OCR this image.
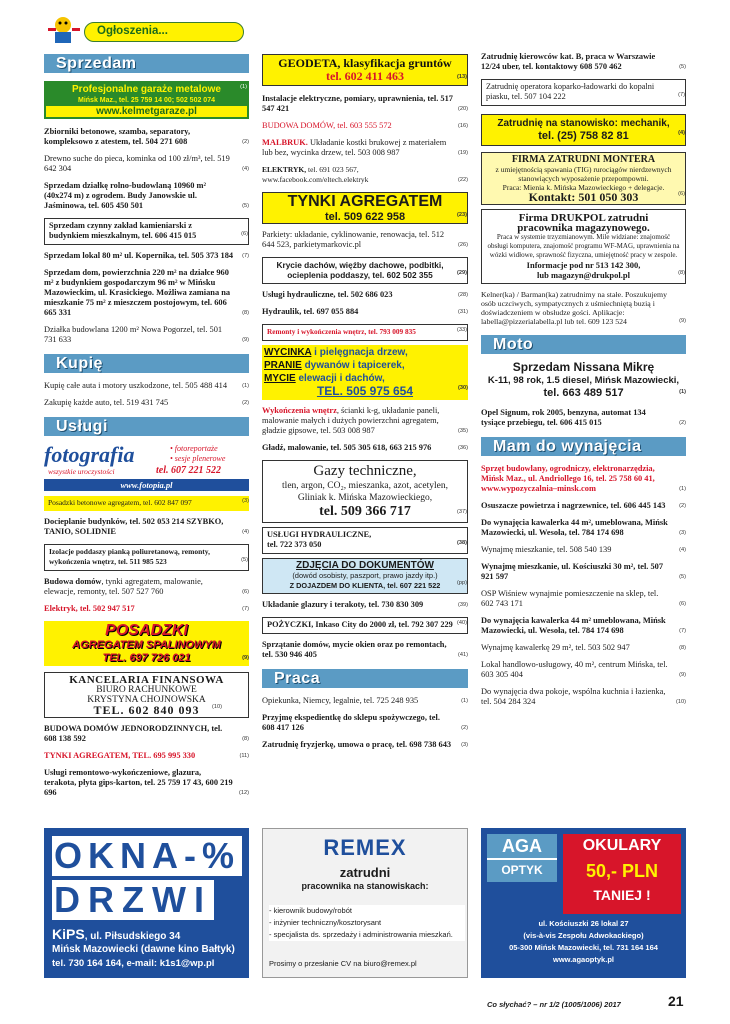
Ogłoszenia...
Sprzedam
Profesjonalne garaże metalowe
Mińsk Maz., tel. 25 759 14 00; 502 502 074
www.kelmetgaraze.pl
(1)
Zbiorniki betonowe, szamba, separatory, kompleksowo z atestem, tel. 504 271 608	(2)
Drewno suche do pieca, kominka od 100 zł/m³, tel. 519 642 304	(4)
Sprzedam działkę rolno-budowlaną 10960 m² (40x274 m) z ogrodem. Budy Janowskie ul. Jaśminowa, tel. 605 450 501	(5)
Sprzedam czynny zakład kamieniarski z budynkiem mieszkalnym, tel. 606 415 015	(6)
Sprzedam lokal 80 m² ul. Kopernika, tel. 505 373 184 (7)
Sprzedam dom, powierzchnia 220 m² na działce 960 m² z budynkiem gospodarczym 96 m² w Mińsku Mazowieckim, ul. Krasickiego. Możliwa zamiana na mieszkanie 75 m² z mieszczem postojowym, tel. 606 665 331	(8)
Działka budowlana 1200 m² Nowa Pogorzel, tel. 501 731 633	(9)
Kupię
Kupię całe auta i motory uszkodzone, tel. 505 488 414	(1)
Zakupię każde auto, tel. 519 431 745	(2)
Usługi
fotografia	• fotoreportaże
• sesje plenerowe
wszystkie uroczystości	tel. 607 221 522
www.fotopia.pl
Posadzki betonowe agregatem, tel. 602 847 097	(3)
Docieplanie budynków, tel. 502 053 214 SZYBKO, TANIO, SOLIDNIE	(4)
Izolacje poddaszy pianką poliuretanową, remonty, wykończenia wnętrz, tel. 511 985 523	(5)
Budowa domów, tynki agregatem, malowanie, elewacje, remonty, tel. 507 527 760	(6)
Elektryk, tel. 502 947 517	(7)
POSADZKI
AGREGATEM SPALINOWYM
TEL. 697 726 021	(9)
KANCELARIA FINANSOWA
BIURO RACHUNKOWE
KRYSTYNA CHOJNOWSKA
TEL. 602 840 093	(10)
BUDOWA DOMÓW JEDNORODZINNYCH, tel. 608 138 592	(8)
TYNKI AGREGATEM, TEL. 695 995 330	(11)
Usługi remontowo-wykończeniowe, glazura, terakota, płyta gips-karton, tel. 25 759 17 43, 600 219 696	(12)
GEODETA, klasyfikacja gruntów
tel. 602 411 463	(13)
Instalacje elektryczne, pomiary, uprawnienia, tel. 517 547 421	(20)
BUDOWA DOMÓW, tel. 603 555 572	(16)
MALBRUK. Układanie kostki brukowej z materiałem lub bez, wycinka drzew, tel. 503 008 987	(19)
ELEKTRYK, tel. 691 023 567, www.facebook.com/eltech.elektryk	(22)
TYNKI AGREGATEM
tel. 509 622 958	(23)
Parkiety: układanie, cyklinowanie, renowacja, tel. 512 644 523, parkietymarkovic.pl	(26)
Krycie dachów, więźby dachowe, podbitki, ocieplenia poddaszy, tel. 602 502 355	(29)
Usługi hydrauliczne, tel. 502 686 023	(28)
Hydraulik, tel. 697 055 884	(31)
Remonty i wykończenia wnętrz, tel. 793 009 835	(33)
WYCINKA i pielęgnacja drzew,
PRANIE dywanów i tapicerek,
MYCIE elewacji i dachów,
TEL. 505 975 654	(30)
Wykończenia wnętrz, ścianki k-g, układanie paneli, malowanie małych i dużych powierzchni agregatem, gładzie gipsowe, tel. 503 008 987	(35)
Gładź, malowanie, tel. 505 305 618, 663 215 976	(36)
Gazy techniczne,
tlen, argon, CO₂, mieszanka, azot, acetylen,
Gliniak k. Mińska Mazowieckiego,
tel. 509 366 717	(37)
USŁUGI HYDRAULICZNE,
tel. 722 373 050	(38)
ZDJĘCIA DO DOKUMENTÓW
(dowód osobisty, paszport, prawo jazdy itp.)
Z DOJAZDEM DO KLIENTA, tel. 607 221 522	(pp)
Układanie glazury i terakoty, tel. 730 830 309	(39)
POŻYCZKI, Inkaso City do 2000 zł, tel. 792 307 229 (40)
Sprzątanie domów, mycie okien oraz po remontach, tel. 530 946 405	(41)
Praca
Opiekunka, Niemcy, legalnie, tel. 725 248 935	(1)
Przyjmę ekspedientkę do sklepu spożywczego, tel. 608 417 126	(2)
Zatrudnię fryzjerkę, umowa o pracę, tel. 698 738 643 (3)
Zatrudnię kierowców kat. B, praca w Warszawie 12/24 uber, tel. kontaktowy 608 570 462	(5)
Zatrudnię operatora koparko-ładowarki do kopalni piasku, tel. 507 104 222	(7)
Zatrudnię na stanowisko: mechanik,
tel. (25) 758 82 81	(4)
FIRMA ZATRUDNI MONTERA
z umiejętnością spawania (TIG) rurociągów nierdzewnych stanowiących wyposażenie przepompowni.
Praca: Mienia k. Mińska Mazowieckiego + delegacje.
Kontakt: 501 050 303	(6)
Firma DRUKPOL zatrudni
pracownika magazynowego.
Praca w systemie trzyzmianowym. Mile widziane: znajomość obsługi komputera, znajomość programu WF-MAG, uprawnienia na wózki widłowe, sprawność fizyczna, umiejętność pracy w zespole.
Informacje pod nr 513 142 300,
lub magazyn@drukpol.pl	(8)
Kelner(ka) / Barman(ka) zatrudnimy na stałe. Poszukujemy osób uczciwych, sympatycznych z uśmiechniętą buzią i doświadczeniem w obsłudze gości. Aplikacje: labella@pizzerialabella.pl lub tel. 609 123 524	(9)
Moto
Sprzedam Nissana Mikrę
K-11, 98 rok, 1.5 diesel, Mińsk Mazowiecki,
tel. 663 489 517	(1)
Opel Signum, rok 2005, benzyna, automat 134 tysiące przebiegu, tel. 606 415 015	(2)
Mam do wynajęcia
Sprzęt budowlany, ogrodniczy, elektronarzędzia, Mińsk Maz., ul. Andriollego 16, tel. 25 758 60 41, www.wypozyczalnia–minsk.com	(1)
Osuszacze powietrza i nagrzewnice, tel. 606 445 143 (2)
Do wynajęcia kawalerka 44 m², umeblowana, Mińsk Mazowiecki, ul. Wesoła, tel. 784 174 698	(3)
Wynajmę mieszkanie, tel. 508 540 139	(4)
Wynajmę mieszkanie, ul. Kościuszki 30 m², tel. 507 921 597	(5)
OSP Wiśniew wynajmie pomieszczenie na sklep, tel. 602 743 171	(6)
Do wynajęcia kawalerka 44 m² umeblowana, Mińsk Mazowiecki, ul. Wesoła, tel. 784 174 698	(7)
Wynajmę kawalerkę 29 m², tel. 503 502 947	(8)
Lokal handlowo-usługowy, 40 m², centrum Mińska, tel. 603 305 404	(9)
Do wynajęcia dwa pokoje, wspólna kuchnia i łazienka, tel. 504 284 324	(10)
OKNA-%
DRZWI
KiPS, ul. Piłsudskiego 34
Mińsk Mazowiecki (dawne kino Bałtyk)
tel. 730 164 164, e-mail: k1s1@wp.pl
REMEX
zatrudni
pracownika na stanowiskach:
- kierownik budowy/robót
- inżynier techniczny/kosztorysant
- specjalista ds. sprzedaży i administrowania mieszkań.
Prosimy o przesłanie CV na biuro@remex.pl
AGA
OPTYK
OKULARY
50,- PLN
TANIEJ !
ul. Kościuszki 26 lokal 27
(vis-à-vis Zespołu Adwokackiego)
05-300 Mińsk Mazowiecki, tel. 731 164 164
www.agaoptyk.pl
Co słychać? – nr 1/2 (1005/1006) 2017	21
